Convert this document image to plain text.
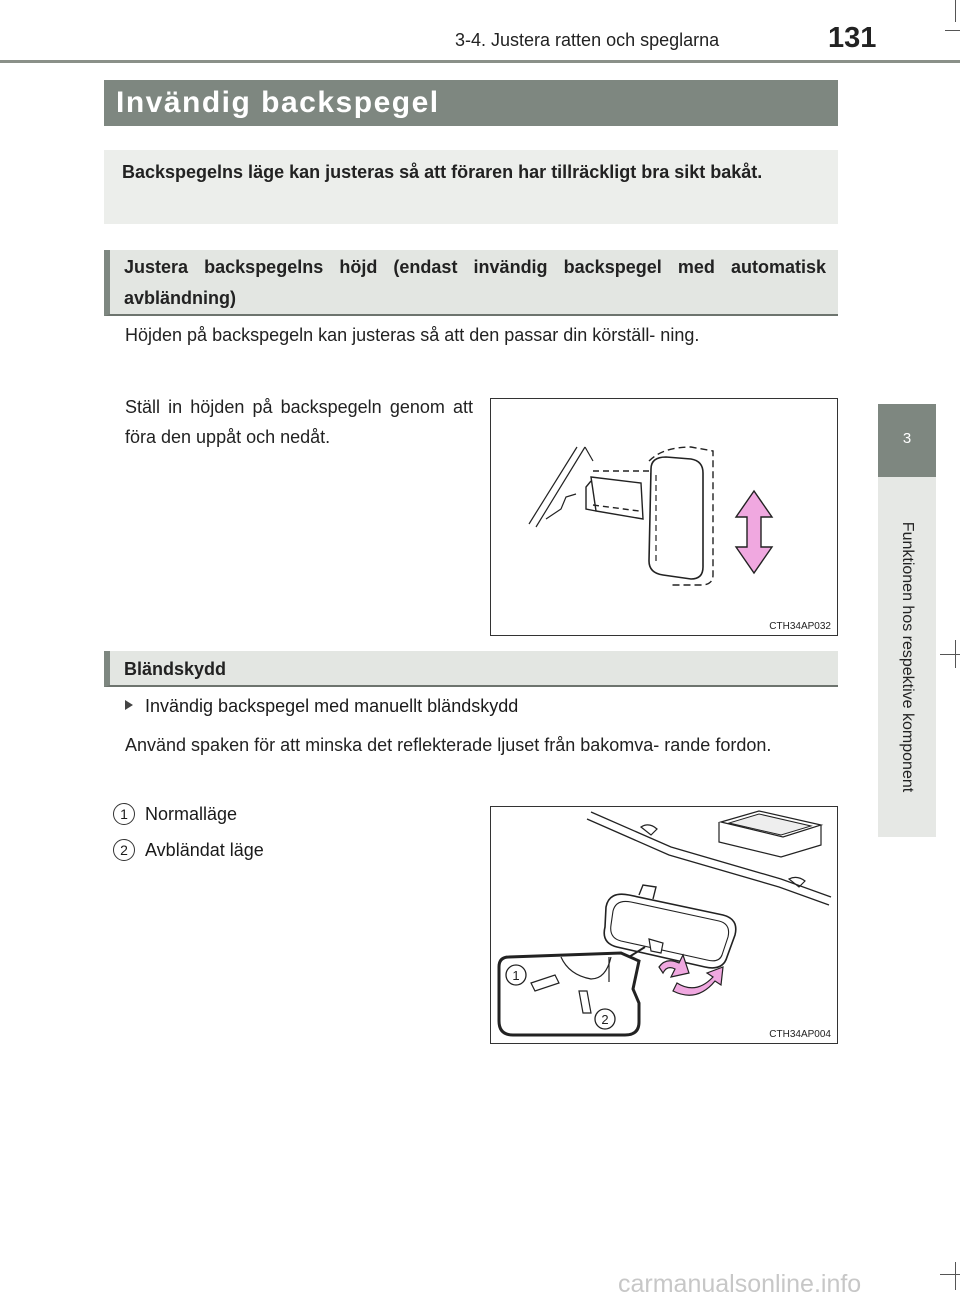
3-4. Justera ratten och speglarna	131
3
Funktionen hos respektive komponent
Invändig backspegel
Backspegelns läge kan justeras så att föraren har tillräckligt bra sikt bakåt.
Justera backspegelns höjd (endast invändig backspegel med automatisk avbländning)
Höjden på backspegeln kan justeras så att den passar din körställ- ning.
Ställ in höjden på backspegeln genom att föra den uppåt och nedåt.
CTH34AP032
Bländskydd
Invändig backspegel med manuellt bländskydd
Använd spaken för att minska det reflekterade ljuset från bakomva- rande fordon.
1 Normalläge
2 Avbländat läge
1
2
CTH34AP004
carmanualsonline.info
